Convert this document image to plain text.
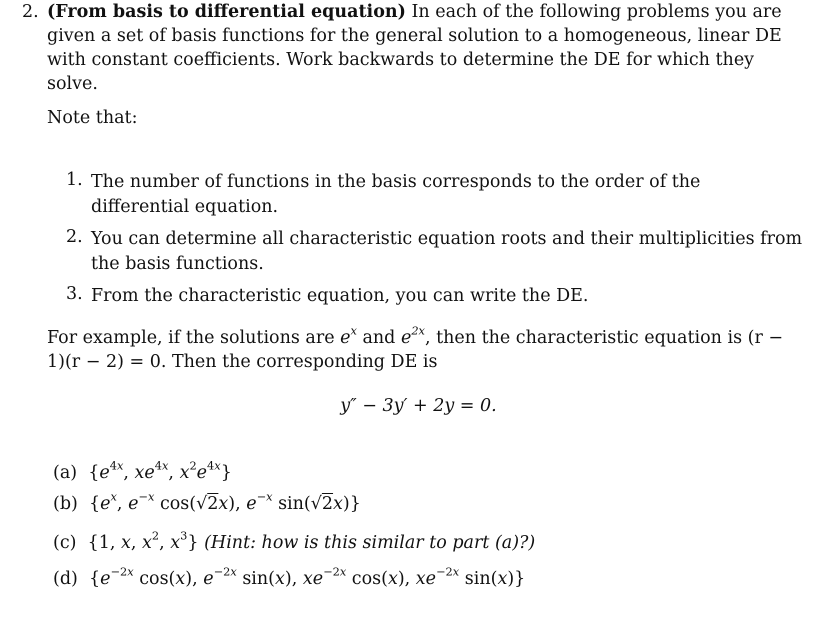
2. (From basis to differential equation) In each of the following problems you are given a set of basis functions for the general solution to a homogeneous, linear DE with constant coefficients. Work backwards to determine the DE for which they solve.

Note that:

1. The number of functions in the basis corresponds to the order of the differential equation.
2. You can determine all characteristic equation roots and their multiplicities from the basis functions.
3. From the characteristic equation, you can write the DE.

For example, if the solutions are $e^x$ and $e^{2x}$, then the characteristic equation is (r −
1)(r − 2) = 0. Then the corresponding DE is

y″ − 3y′ + 2y = 0.
(a) {$e^{4x}$, $xe^{4x}$, $x^2e^{4x}$}
(b) {$e^x$, $e^{-x}$ cos(√2x), $e^{-x}$ sin(√2x)}
(c) {1, x, $x^2$, $x^3$} (Hint: how is this similar to part (a)?)
(d) {$e^{-2x}$ cos(x), $e^{-2x}$ sin(x), $xe^{-2x}$ cos(x), $xe^{-2x}$ sin(x)}
